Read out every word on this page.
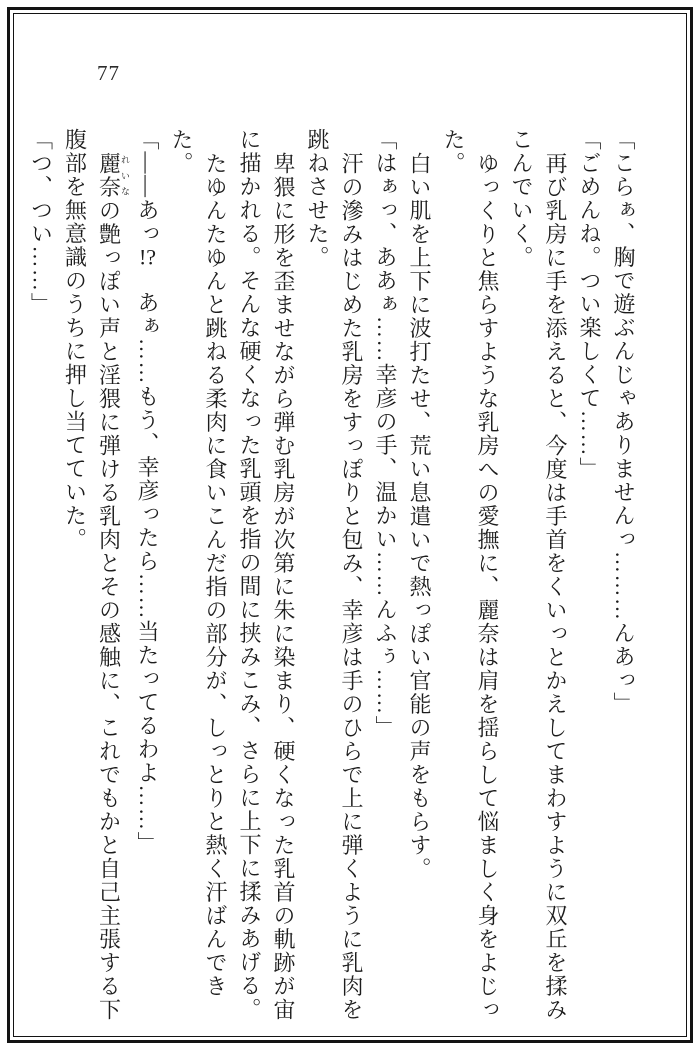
77
「こらぁ、胸で遊ぶんじゃありませんっ………んあっ」
「ごめんね。つい楽しくて……」
再び乳房に手を添えると、今度は手首をくいっとかえしてまわすように双丘を揉み
こんでいく。
ゆっくりと焦らすような乳房への愛撫に、麗奈は肩を揺らして悩ましく身をよじっ
た。
白い肌を上下に波打たせ、荒い息遣いで熱っぽい官能の声をもらす。
「はぁっ、ああぁ……幸彦の手、温かい……んふぅ……」
汗の滲みはじめた乳房をすっぽりと包み、幸彦は手のひらで上に弾くように乳肉を
跳ねさせた。
卑猥に形を歪ませながら弾む乳房が次第に朱に染まり、硬くなった乳首の軌跡が宙
に描かれる。そんな硬くなった乳頭を指の間に挟みこみ、さらに上下に揉みあげる。
たゆんたゆんと跳ねる柔肉に食いこんだ指の部分が、しっとりと熱く汗ばんできた。
「――あっ!?　あぁ……もう、幸彦ったら……当たってるわよ……」
麗奈れいなの艶っぽい声と淫猥に弾ける乳肉とその感触に、これでもかと自己主張する下
腹部を無意識のうちに押し当てていた。
「つ、つい……」
